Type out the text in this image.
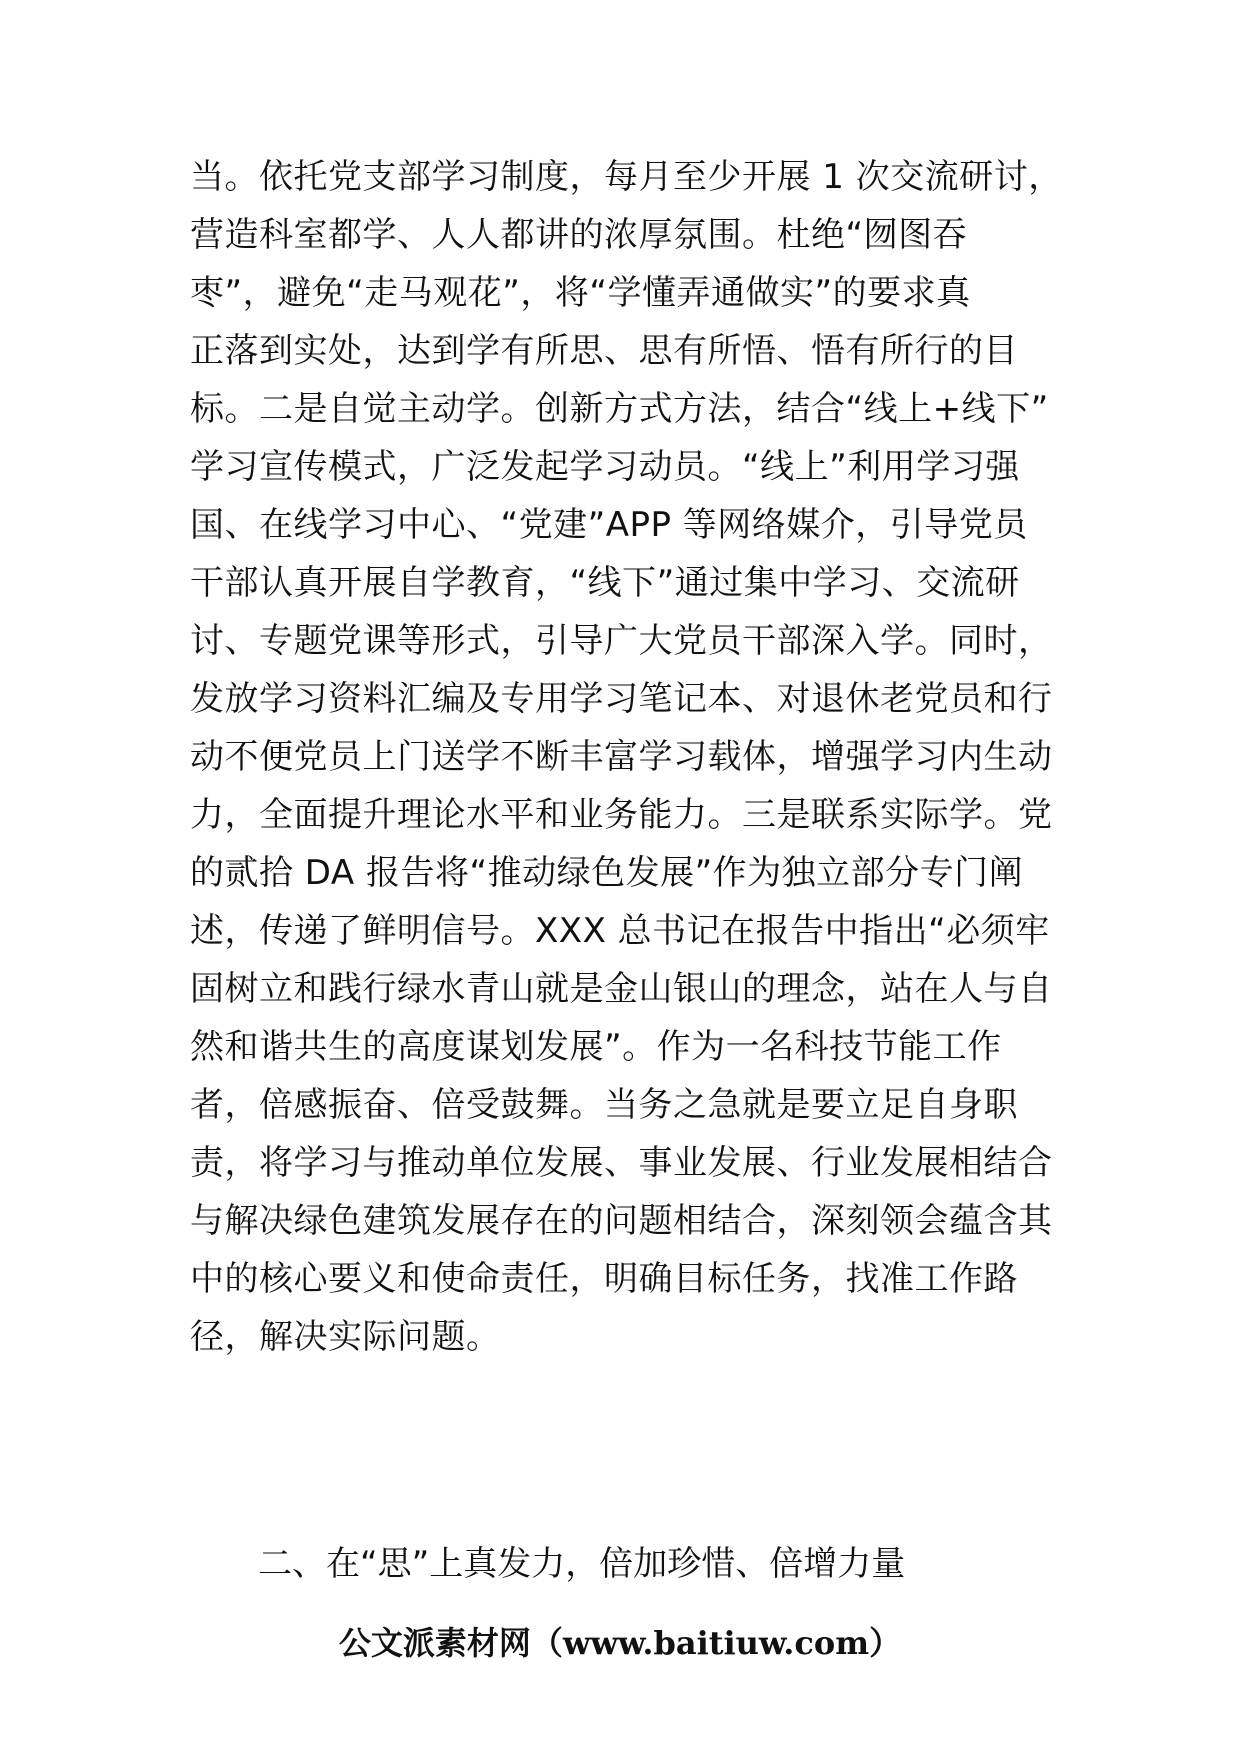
当。依托党支部学习制度，每月至少开展 1 次交流研讨，
营造科室都学、人人都讲的浓厚氛围。杜绝“囫图吞
枣”，避免“走马观花”，将“学懂弄通做实”的要求真
正落到实处，达到学有所思、思有所悟、悟有所行的目
标。二是自觉主动学。创新方式方法，结合“线上+线下”
学习宣传模式，广泛发起学习动员。“线上”利用学习强
国、在线学习中心、“党建”APP 等网络媒介，引导党员
干部认真开展自学教育，“线下”通过集中学习、交流研
讨、专题党课等形式，引导广大党员干部深入学。同时，
发放学习资料汇编及专用学习笔记本、对退休老党员和行
动不便党员上门送学不断丰富学习载体，增强学习内生动
力，全面提升理论水平和业务能力。三是联系实际学。党
的贰拾 DA 报告将“推动绿色发展”作为独立部分专门阐
述，传递了鲜明信号。XXX 总书记在报告中指出“必须牢
固树立和践行绿水青山就是金山银山的理念，站在人与自
然和谐共生的高度谋划发展”。作为一名科技节能工作
者，倍感振奋、倍受鼓舞。当务之急就是要立足自身职
责，将学习与推动单位发展、事业发展、行业发展相结合
与解决绿色建筑发展存在的问题相结合，深刻领会蕴含其
中的核心要义和使命责任，明确目标任务，找准工作路
径，解决实际问题。
二、在“思”上真发力，倍加珍惜、倍增力量
公文派素材网（www.baitiuw.com）
